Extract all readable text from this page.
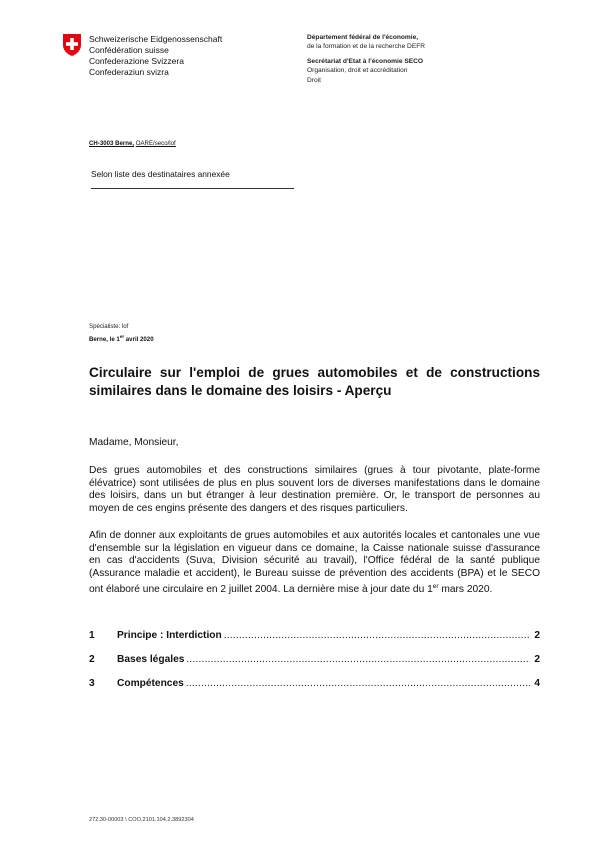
Schweizerische Eidgenossenschaft
Confédération suisse
Confederazione Svizzera
Confederaziun svizra
Département fédéral de l'économie,
de la formation et de la recherche DEFR
Secrétariat d'Etat à l'économie SECO
Organisation, droit et accréditation
Droit
CH-3003 Berne, OARE/seco/lof
Selon liste des destinataires annexée
Spécialiste: lof
Berne, le 1er avril 2020
Circulaire sur l'emploi de grues automobiles et de constructions similaires dans le domaine des loisirs - Aperçu
Madame, Monsieur,
Des grues automobiles et des constructions similaires (grues à tour pivotante, plate-forme élévatrice) sont utilisées de plus en plus souvent lors de diverses manifestations dans le domaine des loisirs, dans un but étranger à leur destination première. Or, le transport de personnes au moyen de ces engins présente des dangers et des risques particuliers.
Afin de donner aux exploitants de grues automobiles et aux autorités locales et cantonales une vue d'ensemble sur la législation en vigueur dans ce domaine, la Caisse nationale suisse d'assurance en cas d'accidents (Suva, Division sécurité au travail), l'Office fédéral de la santé publique (Assurance maladie et accident), le Bureau suisse de prévention des accidents (BPA) et le SECO ont élaboré une circulaire en 2 juillet 2004. La dernière mise à jour date du 1er mars 2020.
1	Principe : Interdiction .....	2
2	Bases légales .....	2
3	Compétences .....	4
272.30-00003 \ COO.2101.104.2.3892304
